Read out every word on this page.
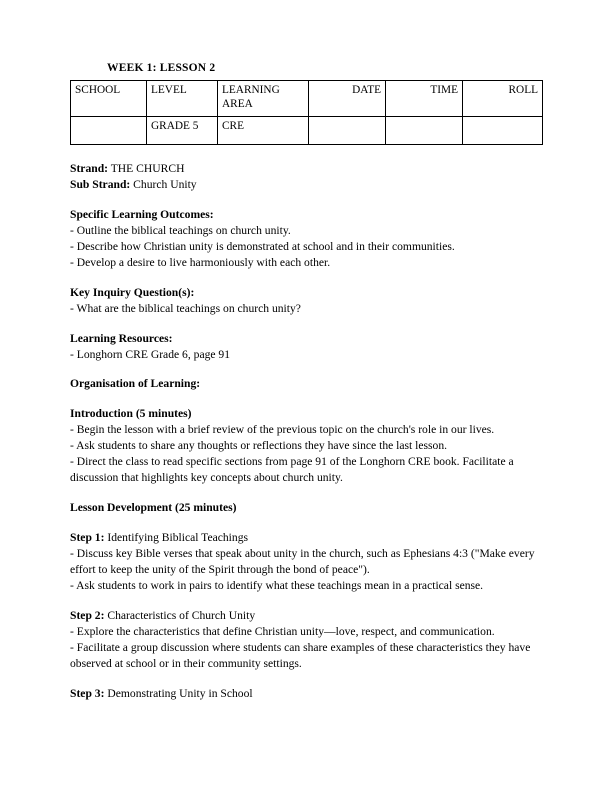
WEEK 1: LESSON 2
SCHOOL	LEVEL	LEARNING AREA	DATE	TIME	ROLL
	GRADE 5	CRE			

Strand: THE CHURCH

Sub Strand: Church Unity

Specific Learning Outcomes:

- Outline the biblical teachings on church unity.

- Describe how Christian unity is demonstrated at school and in their communities.

- Develop a desire to live harmoniously with each other.

Key Inquiry Question(s):

- What are the biblical teachings on church unity?

Learning Resources:

- Longhorn CRE Grade 6, page 91

Organisation of Learning:

Introduction (5 minutes)

- Begin the lesson with a brief review of the previous topic on the church's role in our lives.

- Ask students to share any thoughts or reflections they have since the last lesson.

- Direct the class to read specific sections from page 91 of the Longhorn CRE book. Facilitate a discussion that highlights key concepts about church unity.

Lesson Development (25 minutes)

Step 1: Identifying Biblical Teachings

- Discuss key Bible verses that speak about unity in the church, such as Ephesians 4:3 ("Make every effort to keep the unity of the Spirit through the bond of peace").

- Ask students to work in pairs to identify what these teachings mean in a practical sense.

Step 2: Characteristics of Church Unity

- Explore the characteristics that define Christian unity—love, respect, and communication.

- Facilitate a group discussion where students can share examples of these characteristics they have observed at school or in their community settings.

Step 3: Demonstrating Unity in School
